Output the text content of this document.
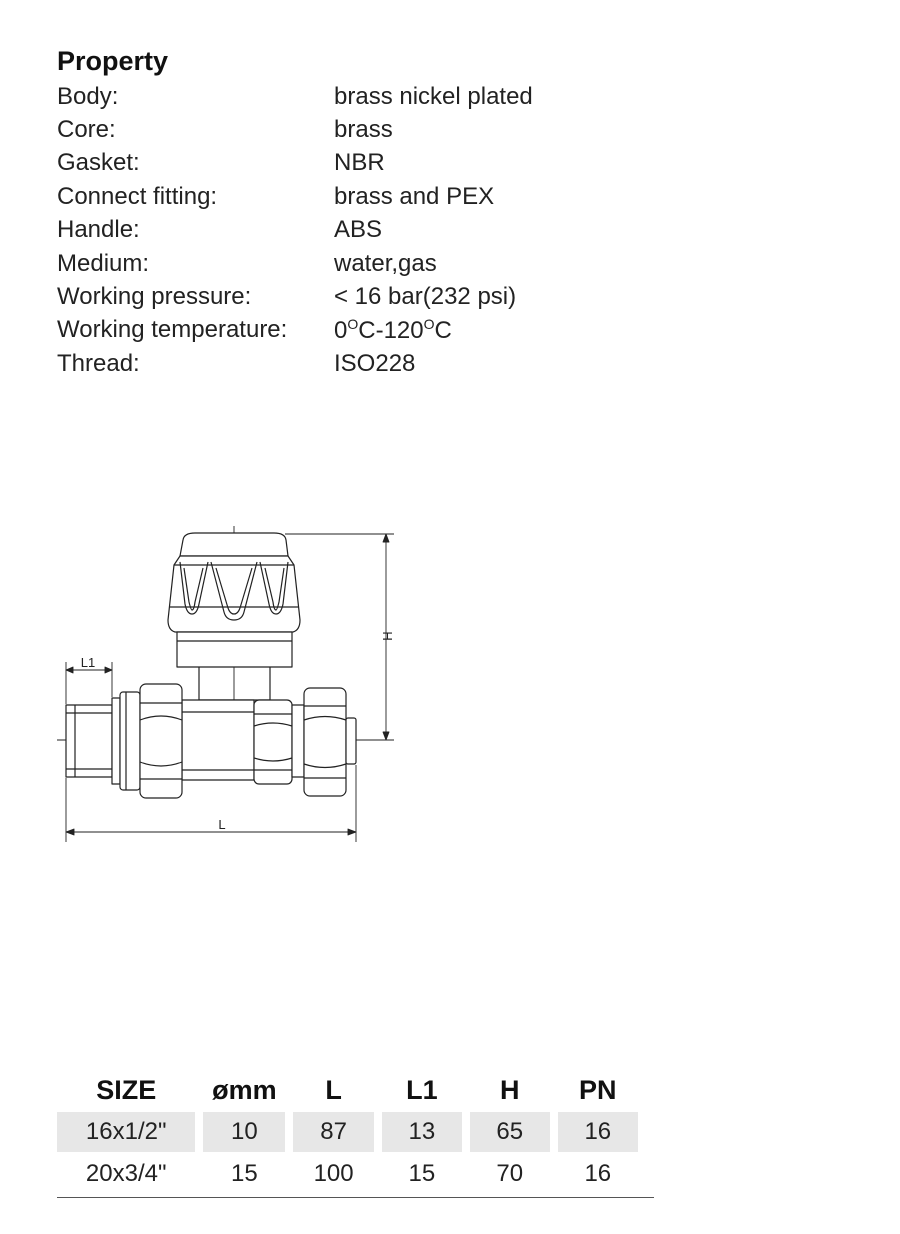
Property
Body:	brass nickel plated
Core:	brass
Gasket:	NBR
Connect fitting:	brass and PEX
Handle:	ABS
Medium:	water,gas
Working pressure:	< 16 bar(232 psi)
Working temperature:	$0^OC-120^OC$
Thread:	ISO228
L1
L
H
SIZE	ømm	L	L1	H	PN
16x1/2"	10	87	13	65	16
20x3/4"	15	100	15	70	16
